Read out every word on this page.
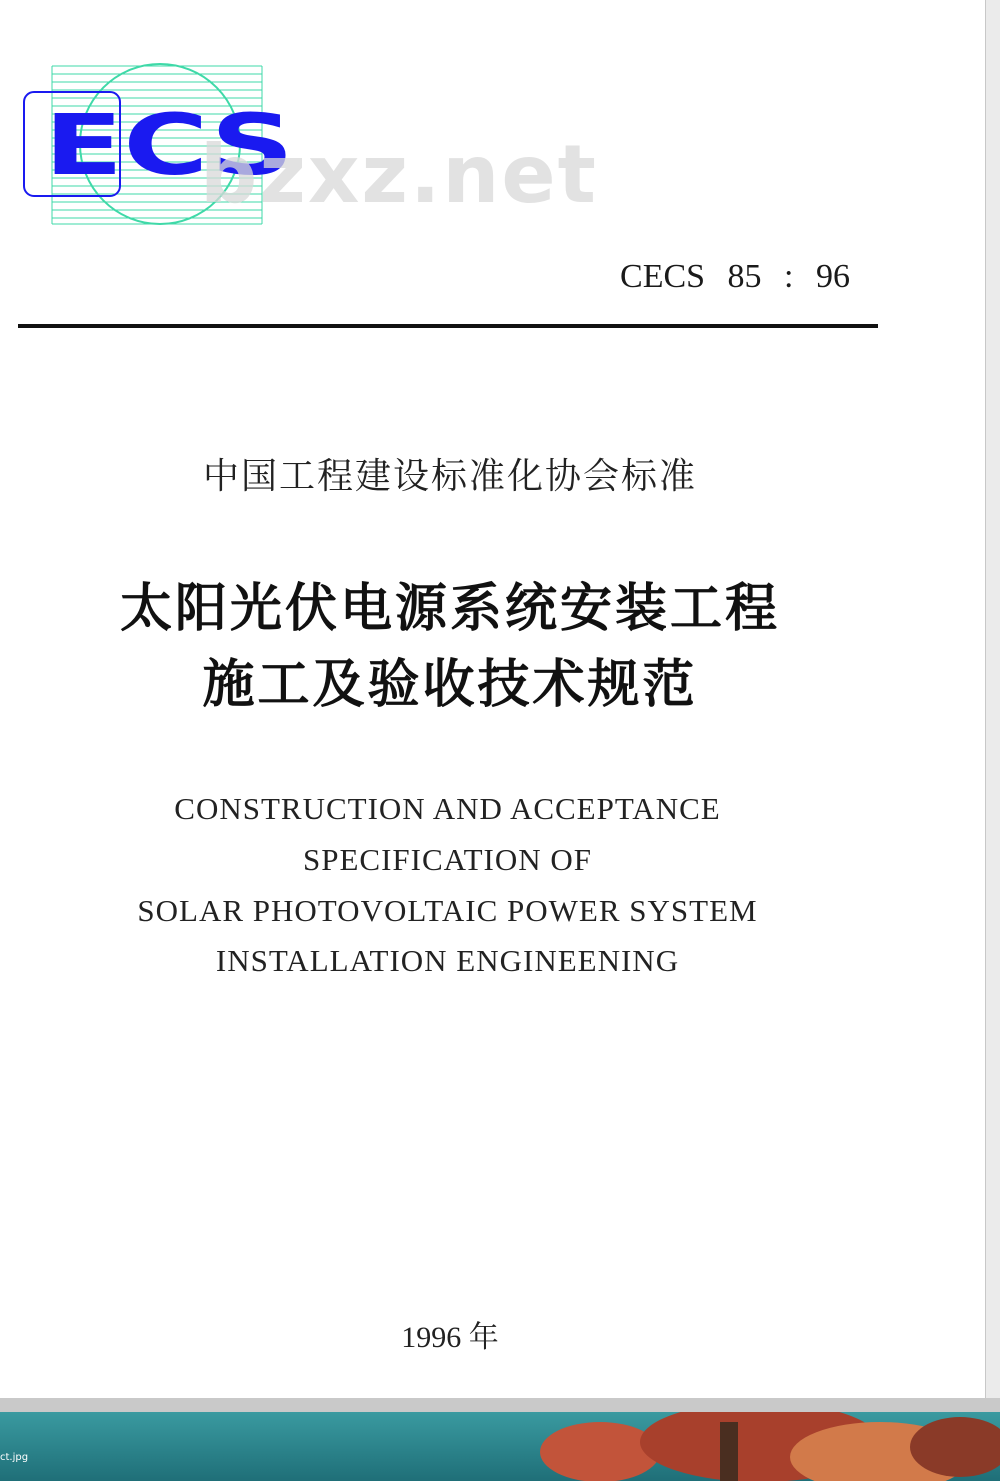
ECS
bzxz.net
CECS 85 : 96
中国工程建设标准化协会标准
太阳光伏电源系统安装工程
施工及验收技术规范
CONSTRUCTION AND ACCEPTANCE
SPECIFICATION OF
SOLAR PHOTOVOLTAIC POWER SYSTEM
INSTALLATION ENGINEENING
1996 年
ct.jpg
